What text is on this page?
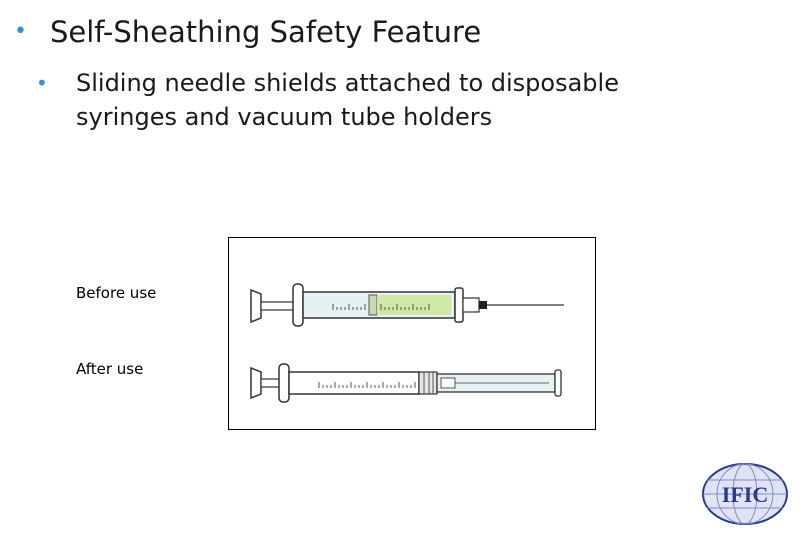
• Self-Sheathing Safety Feature
•	Sliding needle shields attached to disposable syringes and vacuum tube holders
Before use
After use
IFIC
